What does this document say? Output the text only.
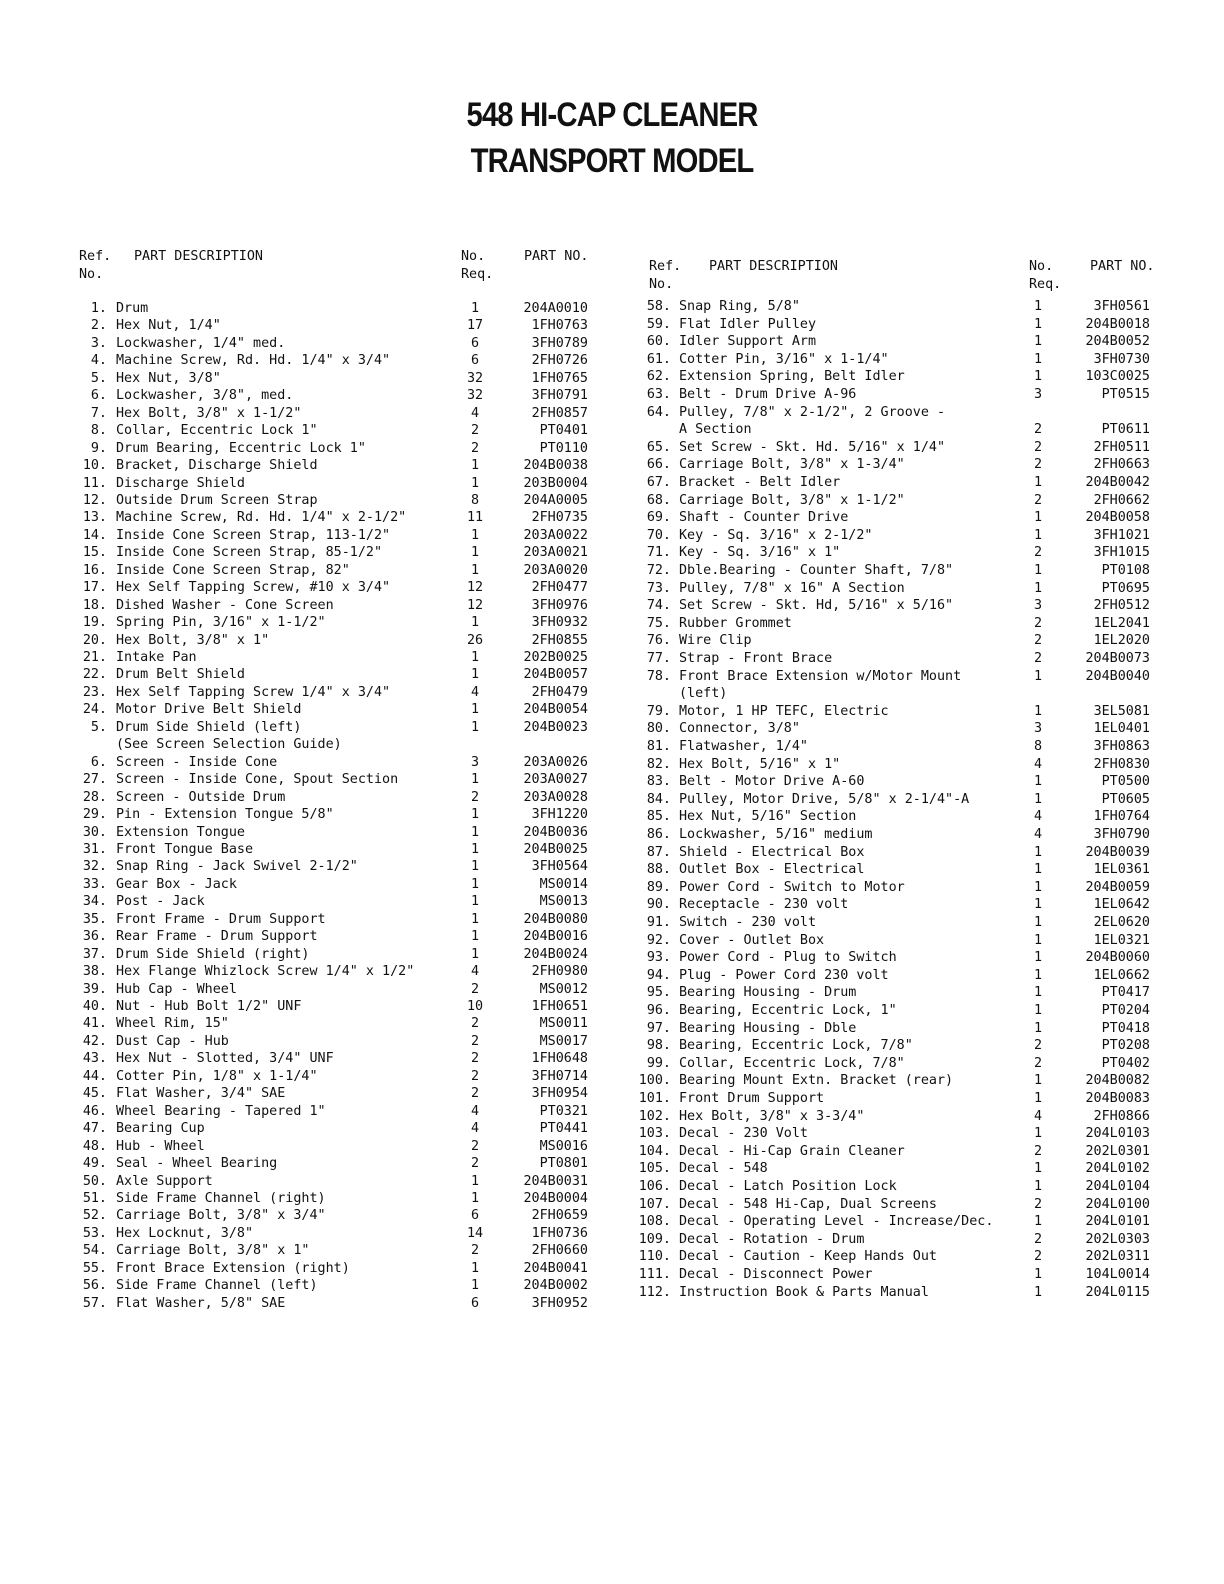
548 HI-CAP CLEANER
TRANSPORT MODEL
Ref.
No.
PART DESCRIPTION	No.
Req.
PART NO.
1. Drum	1	204A0010
2. Hex Nut, 1/4"	17	1FH0763
3. Lockwasher, 1/4" med.	6	3FH0789
4. Machine Screw, Rd. Hd. 1/4" x 3/4"	6	2FH0726
5. Hex Nut, 3/8"	32	1FH0765
6. Lockwasher, 3/8", med.	32	3FH0791
7. Hex Bolt, 3/8" x 1-1/2"	4	2FH0857
8. Collar, Eccentric Lock 1"	2	PT0401
9. Drum Bearing, Eccentric Lock 1"	2	PT0110
10. Bracket, Discharge Shield	1	204B0038
11. Discharge Shield	1	203B0004
12. Outside Drum Screen Strap	8	204A0005
13. Machine Screw, Rd. Hd. 1/4" x 2-1/2"	11	2FH0735
14. Inside Cone Screen Strap, 113-1/2"	1	203A0022
15. Inside Cone Screen Strap, 85-1/2"	1	203A0021
16. Inside Cone Screen Strap, 82"	1	203A0020
17. Hex Self Tapping Screw, #10 x 3/4"	12	2FH0477
18. Dished Washer - Cone Screen	12	3FH0976
19. Spring Pin, 3/16" x 1-1/2"	1	3FH0932
20. Hex Bolt, 3/8" x 1"	26	2FH0855
21. Intake Pan	1	202B0025
22. Drum Belt Shield	1	204B0057
23. Hex Self Tapping Screw 1/4" x 3/4"	4	2FH0479
24. Motor Drive Belt Shield	1	204B0054
5. Drum Side Shield (left)	1	204B0023
(See Screen Selection Guide)
6. Screen - Inside Cone	3	203A0026
27. Screen - Inside Cone, Spout Section	1	203A0027
28. Screen - Outside Drum	2	203A0028
29. Pin - Extension Tongue 5/8"	1	3FH1220
30. Extension Tongue	1	204B0036
31. Front Tongue Base	1	204B0025
32. Snap Ring - Jack Swivel 2-1/2"	1	3FH0564
33. Gear Box - Jack	1	MS0014
34. Post - Jack	1	MS0013
35. Front Frame - Drum Support	1	204B0080
36. Rear Frame - Drum Support	1	204B0016
37. Drum Side Shield (right)	1	204B0024
38. Hex Flange Whizlock Screw 1/4" x 1/2"	4	2FH0980
39. Hub Cap - Wheel	2	MS0012
40. Nut - Hub Bolt 1/2" UNF	10	1FH0651
41. Wheel Rim, 15"	2	MS0011
42. Dust Cap - Hub	2	MS0017
43. Hex Nut - Slotted, 3/4" UNF	2	1FH0648
44. Cotter Pin, 1/8" x 1-1/4"	2	3FH0714
45. Flat Washer, 3/4" SAE	2	3FH0954
46. Wheel Bearing - Tapered 1"	4	PT0321
47. Bearing Cup	4	PT0441
48. Hub - Wheel	2	MS0016
49. Seal - Wheel Bearing	2	PT0801
50. Axle Support	1	204B0031
51. Side Frame Channel (right)	1	204B0004
52. Carriage Bolt, 3/8" x 3/4"	6	2FH0659
53. Hex Locknut, 3/8"	14	1FH0736
54. Carriage Bolt, 3/8" x 1"	2	2FH0660
55. Front Brace Extension (right)	1	204B0041
56. Side Frame Channel (left)	1	204B0002
57. Flat Washer, 5/8" SAE	6	3FH0952
Ref.
No.
PART DESCRIPTION	No.
Req.
PART NO.
58. Snap Ring, 5/8"	1	3FH0561
59. Flat Idler Pulley	1	204B0018
60. Idler Support Arm	1	204B0052
61. Cotter Pin, 3/16" x 1-1/4"	1	3FH0730
62. Extension Spring, Belt Idler	1	103C0025
63. Belt - Drum Drive A-96	3	PT0515
64. Pulley, 7/8" x 2-1/2", 2 Groove -
A Section	2	PT0611
65. Set Screw - Skt. Hd. 5/16" x 1/4"	2	2FH0511
66. Carriage Bolt, 3/8" x 1-3/4"	2	2FH0663
67. Bracket - Belt Idler	1	204B0042
68. Carriage Bolt, 3/8" x 1-1/2"	2	2FH0662
69. Shaft - Counter Drive	1	204B0058
70. Key - Sq. 3/16" x 2-1/2"	1	3FH1021
71. Key - Sq. 3/16" x 1"	2	3FH1015
72. Dble.Bearing - Counter Shaft, 7/8"	1	PT0108
73. Pulley, 7/8" x 16" A Section	1	PT0695
74. Set Screw - Skt. Hd, 5/16" x 5/16"	3	2FH0512
75. Rubber Grommet	2	1EL2041
76. Wire Clip	2	1EL2020
77. Strap - Front Brace	2	204B0073
78. Front Brace Extension w/Motor Mount	1	204B0040
(left)
79. Motor, 1 HP TEFC, Electric	1	3EL5081
80. Connector, 3/8"	3	1EL0401
81. Flatwasher, 1/4"	8	3FH0863
82. Hex Bolt, 5/16" x 1"	4	2FH0830
83. Belt - Motor Drive A-60	1	PT0500
84. Pulley, Motor Drive, 5/8" x 2-1/4"-A	1	PT0605
85. Hex Nut, 5/16" Section	4	1FH0764
86. Lockwasher, 5/16" medium	4	3FH0790
87. Shield - Electrical Box	1	204B0039
88. Outlet Box - Electrical	1	1EL0361
89. Power Cord - Switch to Motor	1	204B0059
90. Receptacle - 230 volt	1	1EL0642
91. Switch - 230 volt	1	2EL0620
92. Cover - Outlet Box	1	1EL0321
93. Power Cord - Plug to Switch	1	204B0060
94. Plug - Power Cord 230 volt	1	1EL0662
95. Bearing Housing - Drum	1	PT0417
96. Bearing, Eccentric Lock, 1"	1	PT0204
97. Bearing Housing - Dble	1	PT0418
98. Bearing, Eccentric Lock, 7/8"	2	PT0208
99. Collar, Eccentric Lock, 7/8"	2	PT0402
100. Bearing Mount Extn. Bracket (rear)	1	204B0082
101. Front Drum Support	1	204B0083
102. Hex Bolt, 3/8" x 3-3/4"	4	2FH0866
103. Decal - 230 Volt	1	204L0103
104. Decal - Hi-Cap Grain Cleaner	2	202L0301
105. Decal - 548	1	204L0102
106. Decal - Latch Position Lock	1	204L0104
107. Decal - 548 Hi-Cap, Dual Screens	2	204L0100
108. Decal - Operating Level - Increase/Dec.	1	204L0101
109. Decal - Rotation - Drum	2	202L0303
110. Decal - Caution - Keep Hands Out	2	202L0311
111. Decal - Disconnect Power	1	104L0014
112. Instruction Book & Parts Manual	1	204L0115
